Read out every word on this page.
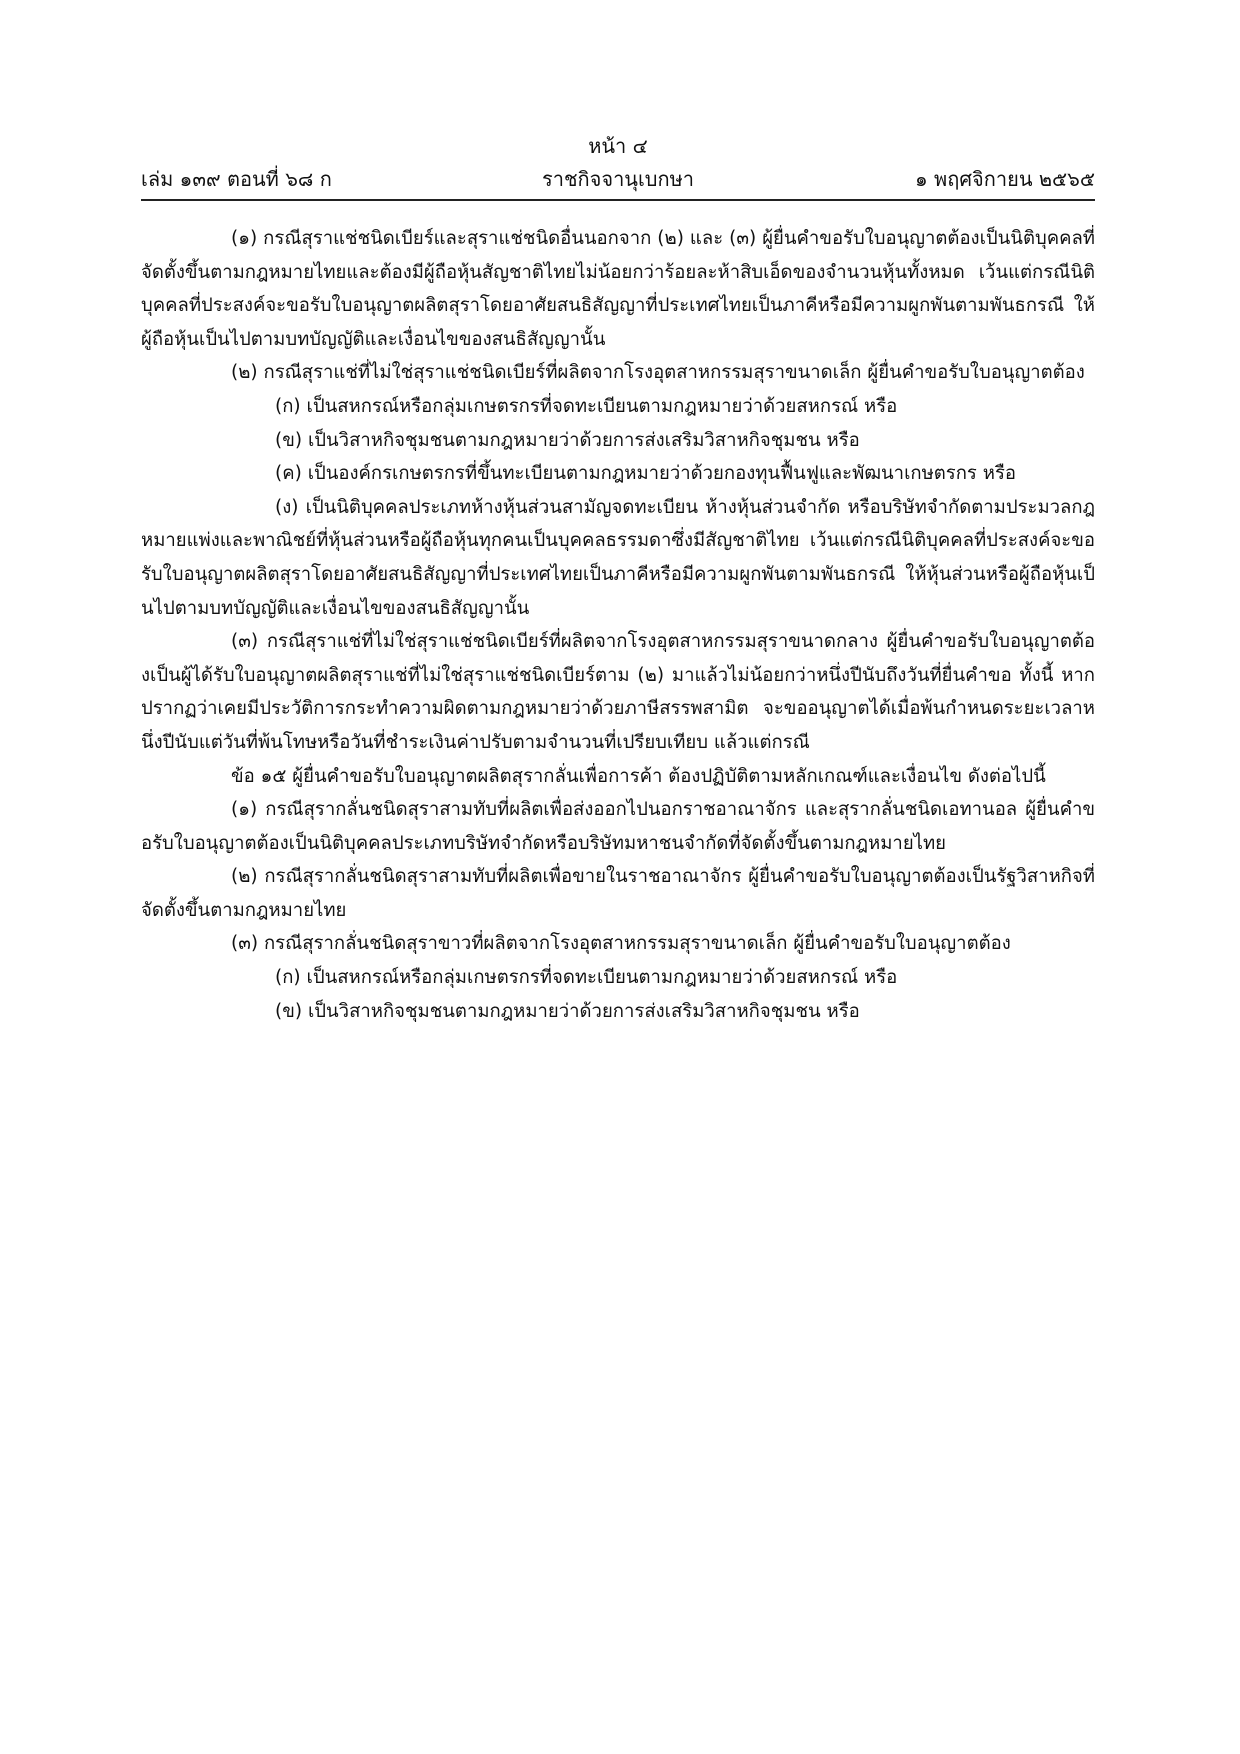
หน้า ๔
เล่ม ๑๓๙ ตอนที่ ๖๘ ก	ราชกิจจานุเบกษา	๑ พฤศจิกายน ๒๕๖๕

(๑) กรณีสุราแช่ชนิดเบียร์และสุราแช่ชนิดอื่นนอกจาก (๒) และ (๓) ผู้ยื่นคำขอรับใบอนุญาตต้องเป็นนิติบุคคลที่จัดตั้งขึ้นตามกฎหมายไทยและต้องมีผู้ถือหุ้นสัญชาติไทยไม่น้อยกว่าร้อยละห้าสิบเอ็ดของจำนวนหุ้นทั้งหมด เว้นแต่กรณีนิติบุคคลที่ประสงค์จะขอรับใบอนุญาตผลิตสุราโดยอาศัยสนธิสัญญาที่ประเทศไทยเป็นภาคีหรือมีความผูกพันตามพันธกรณี ให้ผู้ถือหุ้นเป็นไปตามบทบัญญัติและเงื่อนไขของสนธิสัญญานั้น

(๒) กรณีสุราแช่ที่ไม่ใช่สุราแช่ชนิดเบียร์ที่ผลิตจากโรงอุตสาหกรรมสุราขนาดเล็ก ผู้ยื่นคำขอรับใบอนุญาตต้อง

(ก) เป็นสหกรณ์หรือกลุ่มเกษตรกรที่จดทะเบียนตามกฎหมายว่าด้วยสหกรณ์ หรือ

(ข) เป็นวิสาหกิจชุมชนตามกฎหมายว่าด้วยการส่งเสริมวิสาหกิจชุมชน หรือ

(ค) เป็นองค์กรเกษตรกรที่ขึ้นทะเบียนตามกฎหมายว่าด้วยกองทุนฟื้นฟูและพัฒนาเกษตรกร หรือ

(ง) เป็นนิติบุคคลประเภทห้างหุ้นส่วนสามัญจดทะเบียน ห้างหุ้นส่วนจำกัด หรือบริษัทจำกัดตามประมวลกฎหมายแพ่งและพาณิชย์ที่หุ้นส่วนหรือผู้ถือหุ้นทุกคนเป็นบุคคลธรรมดาซึ่งมีสัญชาติไทย เว้นแต่กรณีนิติบุคคลที่ประสงค์จะขอรับใบอนุญาตผลิตสุราโดยอาศัยสนธิสัญญาที่ประเทศไทยเป็นภาคีหรือมีความผูกพันตามพันธกรณี ให้หุ้นส่วนหรือผู้ถือหุ้นเป็นไปตามบทบัญญัติและเงื่อนไขของสนธิสัญญานั้น

(๓) กรณีสุราแช่ที่ไม่ใช่สุราแช่ชนิดเบียร์ที่ผลิตจากโรงอุตสาหกรรมสุราขนาดกลาง ผู้ยื่นคำขอรับใบอนุญาตต้องเป็นผู้ได้รับใบอนุญาตผลิตสุราแช่ที่ไม่ใช่สุราแช่ชนิดเบียร์ตาม (๒) มาแล้วไม่น้อยกว่าหนึ่งปีนับถึงวันที่ยื่นคำขอ ทั้งนี้ หากปรากฏว่าเคยมีประวัติการกระทำความผิดตามกฎหมายว่าด้วยภาษีสรรพสามิต จะขออนุญาตได้เมื่อพ้นกำหนดระยะเวลาหนึ่งปีนับแต่วันที่พ้นโทษหรือวันที่ชำระเงินค่าปรับตามจำนวนที่เปรียบเทียบ แล้วแต่กรณี

ข้อ ๑๕ ผู้ยื่นคำขอรับใบอนุญาตผลิตสุรากลั่นเพื่อการค้า ต้องปฏิบัติตามหลักเกณฑ์และเงื่อนไข ดังต่อไปนี้

(๑) กรณีสุรากลั่นชนิดสุราสามทับที่ผลิตเพื่อส่งออกไปนอกราชอาณาจักร และสุรากลั่นชนิดเอทานอล ผู้ยื่นคำขอรับใบอนุญาตต้องเป็นนิติบุคคลประเภทบริษัทจำกัดหรือบริษัทมหาชนจำกัดที่จัดตั้งขึ้นตามกฎหมายไทย

(๒) กรณีสุรากลั่นชนิดสุราสามทับที่ผลิตเพื่อขายในราชอาณาจักร ผู้ยื่นคำขอรับใบอนุญาตต้องเป็นรัฐวิสาหกิจที่จัดตั้งขึ้นตามกฎหมายไทย

(๓) กรณีสุรากลั่นชนิดสุราขาวที่ผลิตจากโรงอุตสาหกรรมสุราขนาดเล็ก ผู้ยื่นคำขอรับใบอนุญาตต้อง

(ก) เป็นสหกรณ์หรือกลุ่มเกษตรกรที่จดทะเบียนตามกฎหมายว่าด้วยสหกรณ์ หรือ

(ข) เป็นวิสาหกิจชุมชนตามกฎหมายว่าด้วยการส่งเสริมวิสาหกิจชุมชน หรือ
